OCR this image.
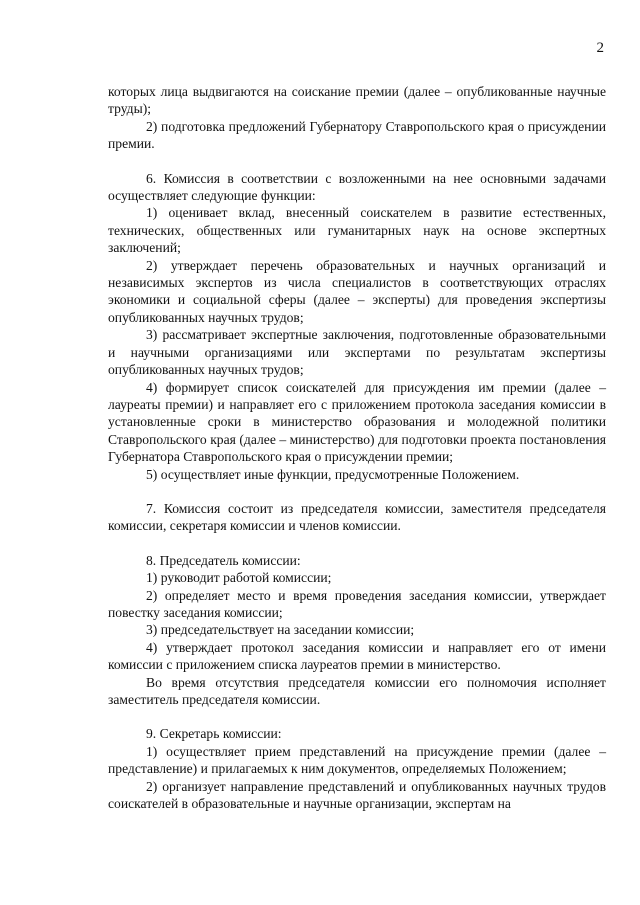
2

которых лица выдвигаются на соискание премии (далее – опубликованные научные труды);

2) подготовка предложений Губернатору Ставропольского края о присуждении премии.

6. Комиссия в соответствии с возложенными на нее основными задачами осуществляет следующие функции:

1) оценивает вклад, внесенный соискателем в развитие естественных, технических, общественных или гуманитарных наук на основе экспертных заключений;

2) утверждает перечень образовательных и научных организаций и независимых экспертов из числа специалистов в соответствующих отраслях экономики и социальной сферы (далее – эксперты) для проведения экспертизы опубликованных научных трудов;

3) рассматривает экспертные заключения, подготовленные образовательными и научными организациями или экспертами по результатам экспертизы опубликованных научных трудов;

4) формирует список соискателей для присуждения им премии (далее – лауреаты премии) и направляет его с приложением протокола заседания комиссии в установленные сроки в министерство образования и молодежной политики Ставропольского края (далее – министерство) для подготовки проекта постановления Губернатора Ставропольского края о присуждении премии;

5) осуществляет иные функции, предусмотренные Положением.

7. Комиссия состоит из председателя комиссии, заместителя председателя комиссии, секретаря комиссии и членов комиссии.

8. Председатель комиссии:

1) руководит работой комиссии;

2) определяет место и время проведения заседания комиссии, утверждает повестку заседания комиссии;

3) председательствует на заседании комиссии;

4) утверждает протокол заседания комиссии и направляет его от имени комиссии с приложением списка лауреатов премии в министерство.

Во время отсутствия председателя комиссии его полномочия исполняет заместитель председателя комиссии.

9. Секретарь комиссии:

1) осуществляет прием представлений на присуждение премии (далее – представление) и прилагаемых к ним документов, определяемых Положением;

2) организует направление представлений и опубликованных научных трудов соискателей в образовательные и научные организации, экспертам на
